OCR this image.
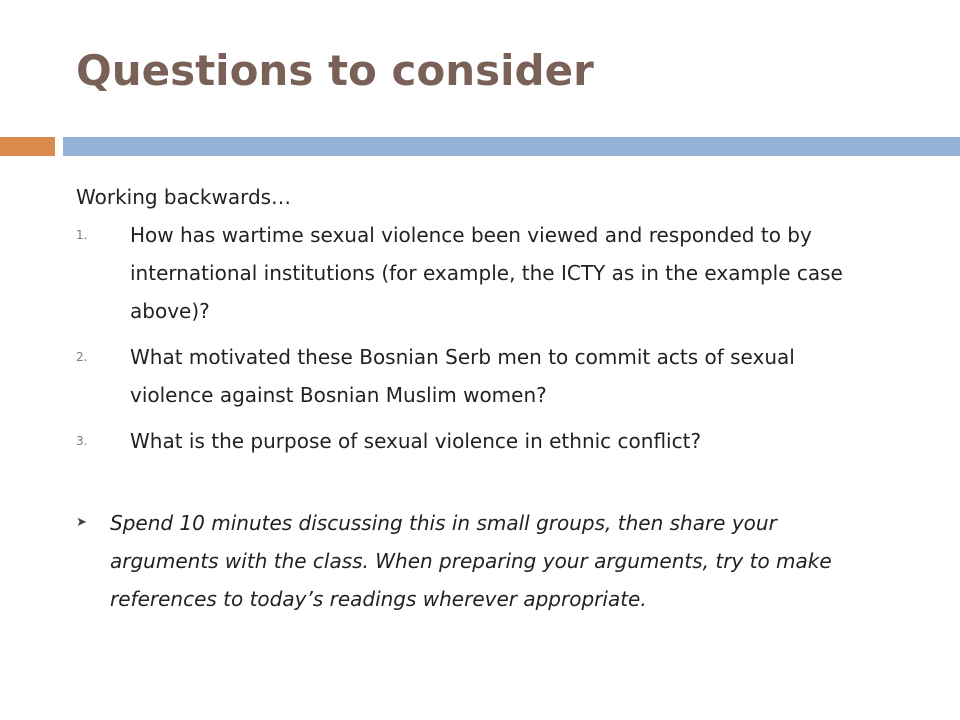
Questions to consider

Working backwards…

1. How has wartime sexual violence been viewed and responded to by international institutions (for example, the ICTY as in the example case above)?
2. What motivated these Bosnian Serb men to commit acts of sexual violence against Bosnian Muslim women?
3. What is the purpose of sexual violence in ethnic conflict?
➤ Spend 10 minutes discussing this in small groups, then share your arguments with the class. When preparing your arguments, try to make references to today’s readings wherever appropriate.
